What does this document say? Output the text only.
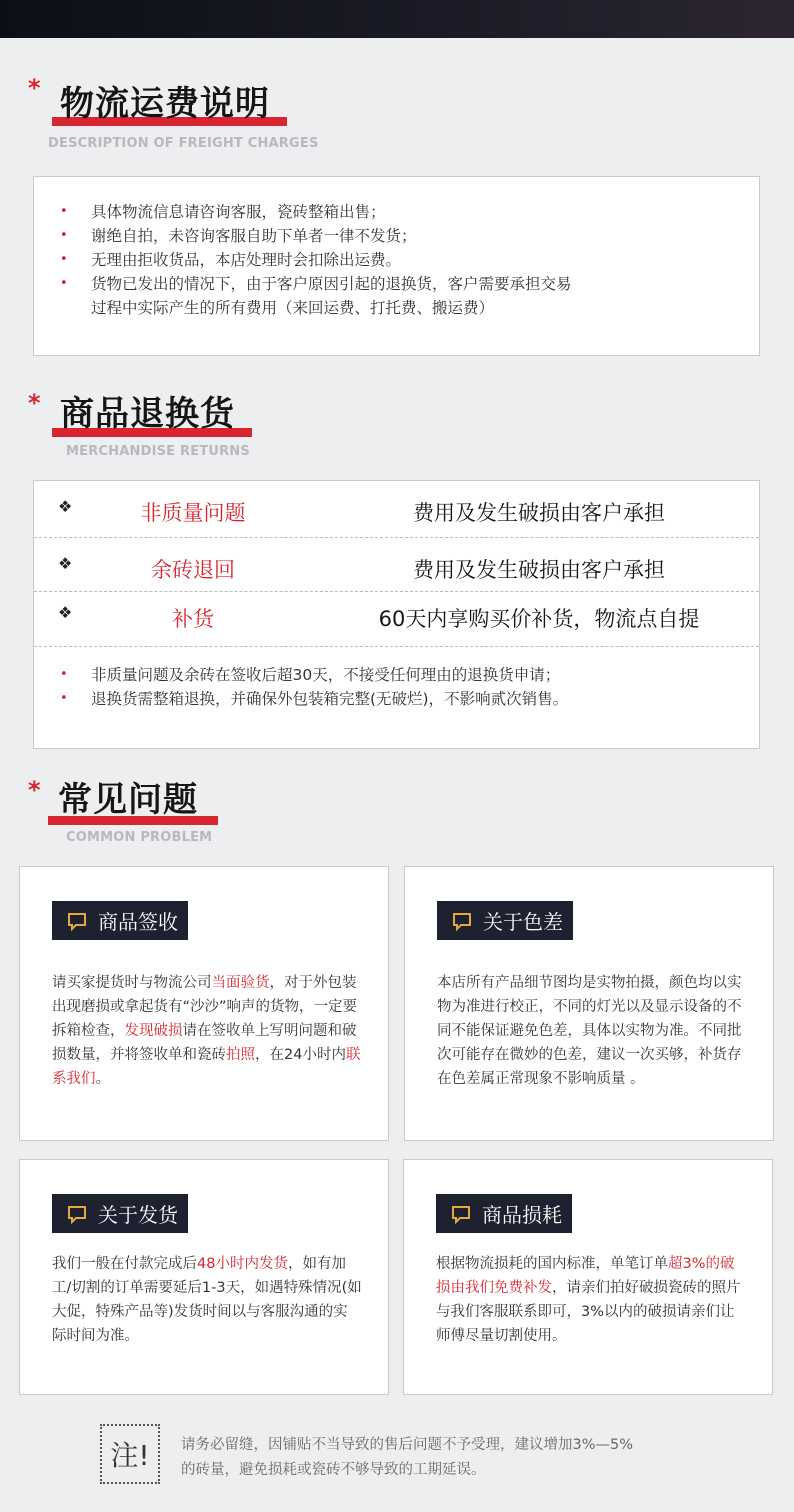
* 物流运费说明
DESCRIPTION OF FREIGHT CHARGES
• 具体物流信息请咨询客服，瓷砖整箱出售；
• 谢绝自拍，未咨询客服自助下单者一律不发货；
• 无理由拒收货品，本店处理时会扣除出运费。
• 货物已发出的情况下，由于客户原因引起的退换货，客户需要承担交易
过程中实际产生的所有费用（来回运费、打托费、搬运费）
* 商品退换货
MERCHANDISE RETURNS
❖	非质量问题	费用及发生破损由客户承担
❖	余砖退回	费用及发生破损由客户承担
❖	补货	60天内享购买价补货，物流点自提
• 非质量问题及余砖在签收后超30天，不接受任何理由的退换货申请；
• 退换货需整箱退换，并确保外包装箱完整(无破烂)，不影响贰次销售。
* 常见问题
COMMON PROBLEM
商品签收
请买家提货时与物流公司当面验货，对于外包装出现磨损或拿起货有“沙沙”响声的货物，一定要拆箱检查，发现破损请在签收单上写明问题和破损数量，并将签收单和瓷砖拍照，在24小时内联系我们。
关于色差
本店所有产品细节图均是实物拍摄，颜色均以实物为准进行校正，不同的灯光以及显示设备的不同不能保证避免色差，具体以实物为准。不同批次可能存在微妙的色差，建议一次买够，补货存在色差属正常现象不影响质量 。
关于发货
我们一般在付款完成后48小时内发货，如有加工/切割的订单需要延后1-3天，如遇特殊情况(如大促，特殊产品等)发货时间以与客服沟通的实际时间为准。
商品损耗
根据物流损耗的国内标准，单笔订单超3%的破损由我们免费补发，请亲们拍好破损瓷砖的照片与我们客服联系即可，3%以内的破损请亲们让师傅尽量切割使用。
注!	请务必留缝，因铺贴不当导致的售后问题不予受理，建议增加3%—5%
的砖量，避免损耗或瓷砖不够导致的工期延误。
